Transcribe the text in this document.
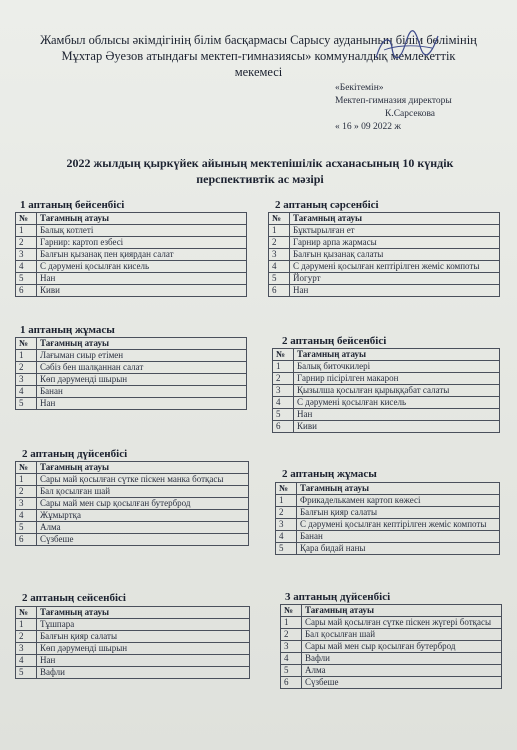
Жамбыл облысы әкімдігінің білім басқармасы Сарысу ауданының білім бөлімінің
Мұхтар Әуезов атындағы мектеп-гимназиясы» коммуналдық мемлекеттік
мекемесі
«Бекітемін»
Мектеп-гимназия директоры
К.Сарсекова
« 16 » 09 2022 ж
2022 жылдың қыркүйек айының мектепішілік асханасының 10 күндік
перспективтік ас мәзірі
1 аптаның бейсенбісі
№	Тағамның атауы
1	Балық котлеті
2	Гарнир: картоп езбесі
3	Балғын қызанақ пен қиярдан салат
4	С дәрумені қосылған кисель
5	Нан
6	Киви
2 аптаның сәрсенбісі
№	Тағамның атауы
1	Бұктырылған ет
2	Гарнир арпа жармасы
3	Балғын қызанақ салаты
4	С дәрумені қосылған кептірілген жеміс компоты
5	Йогурт
6	Нан
1 аптаның жұмасы
№	Тағамның атауы
1	Лағыман сиыр етімен
2	Сәбіз бен шалқаннан салат
3	Көп дәрумендi шырын
4	Банан
5	Нан
2 аптаның бейсенбісі
№	Тағамның атауы
1	Балық биточкилері
2	Гарнир пісірілген макарон
3	Қызылша қосылған қырыққабат салаты
4	С дәрумені қосылған кисель
5	Нан
6	Киви
2 аптаның дүйсенбісі
№	Тағамның атауы
1	Сары май қосылған сүтке піскен манка ботқасы
2	Бал қосылған шай
3	Сары май мен сыр қосылған бутерброд
4	Жұмыртқа
5	Алма
6	Сүзбеше
2 аптаның жұмасы
№	Тағамның атауы
1	Фрикаделькамен картоп көжесі
2	Балғын қияр салаты
3	С дәрумені қосылған кептірілген жеміс компоты
4	Банан
5	Қара бидай наны
2 аптаның сейсенбісі
№	Тағамның атауы
1	Тұшпара
2	Балғын қияр салаты
3	Көп дәрумендi шырын
4	Нан
5	Вафли
3 аптаның дүйсенбісі
№	Тағамның атауы
1	Сары май қосылған сүтке піскен жүгері ботқасы
2	Бал қосылған шай
3	Сары май мен сыр қосылған бутерброд
4	Вафли
5	Алма
6	Сүзбеше
